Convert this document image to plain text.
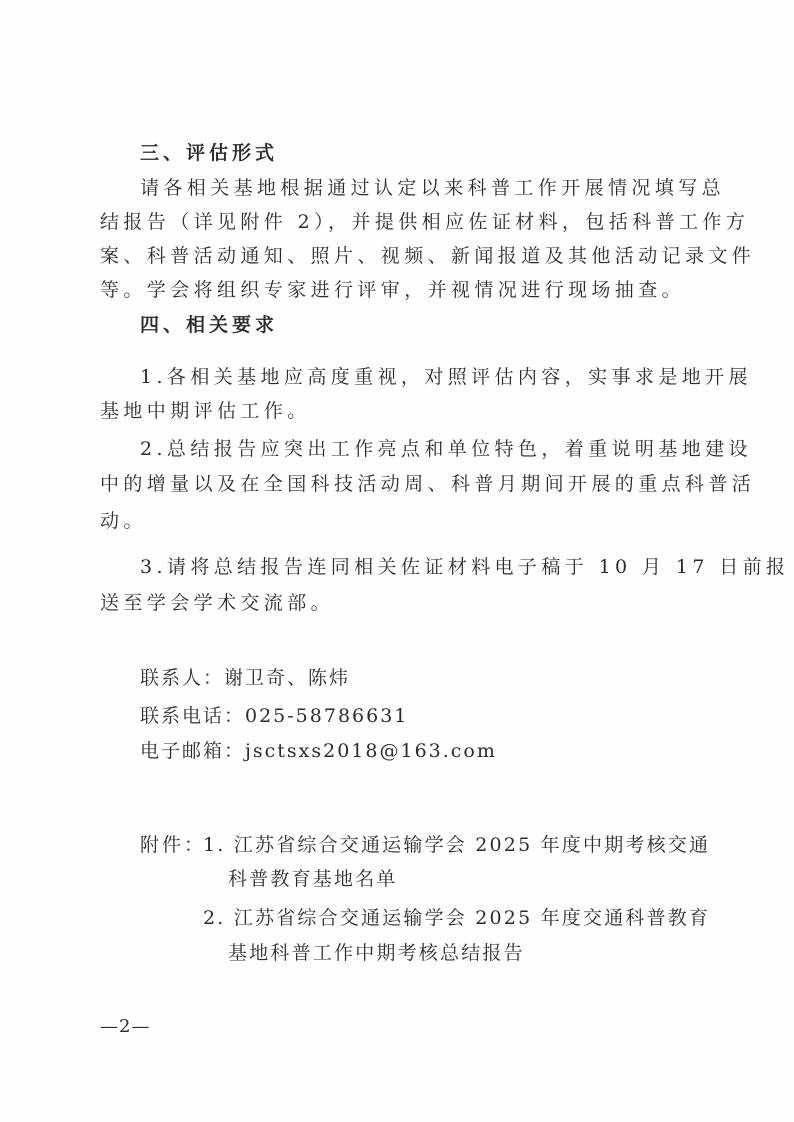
三、评估形式
请各相关基地根据通过认定以来科普工作开展情况填写总
结报告（详见附件 2），并提供相应佐证材料，包括科普工作方
案、科普活动通知、照片、视频、新闻报道及其他活动记录文件
等。学会将组织专家进行评审，并视情况进行现场抽查。
四、相关要求
1.各相关基地应高度重视，对照评估内容，实事求是地开展
基地中期评估工作。
2.总结报告应突出工作亮点和单位特色，着重说明基地建设
中的增量以及在全国科技活动周、科普月期间开展的重点科普活
动。
3.请将总结报告连同相关佐证材料电子稿于 10 月 17 日前报
送至学会学术交流部。
联系人：谢卫奇、陈炜
联系电话：025-58786631
电子邮箱：jsctsxs2018@163.com
附件：
1. 江苏省综合交通运输学会 2025 年度中期考核交通
科普教育基地名单
2. 江苏省综合交通运输学会 2025 年度交通科普教育
基地科普工作中期考核总结报告
—2—
